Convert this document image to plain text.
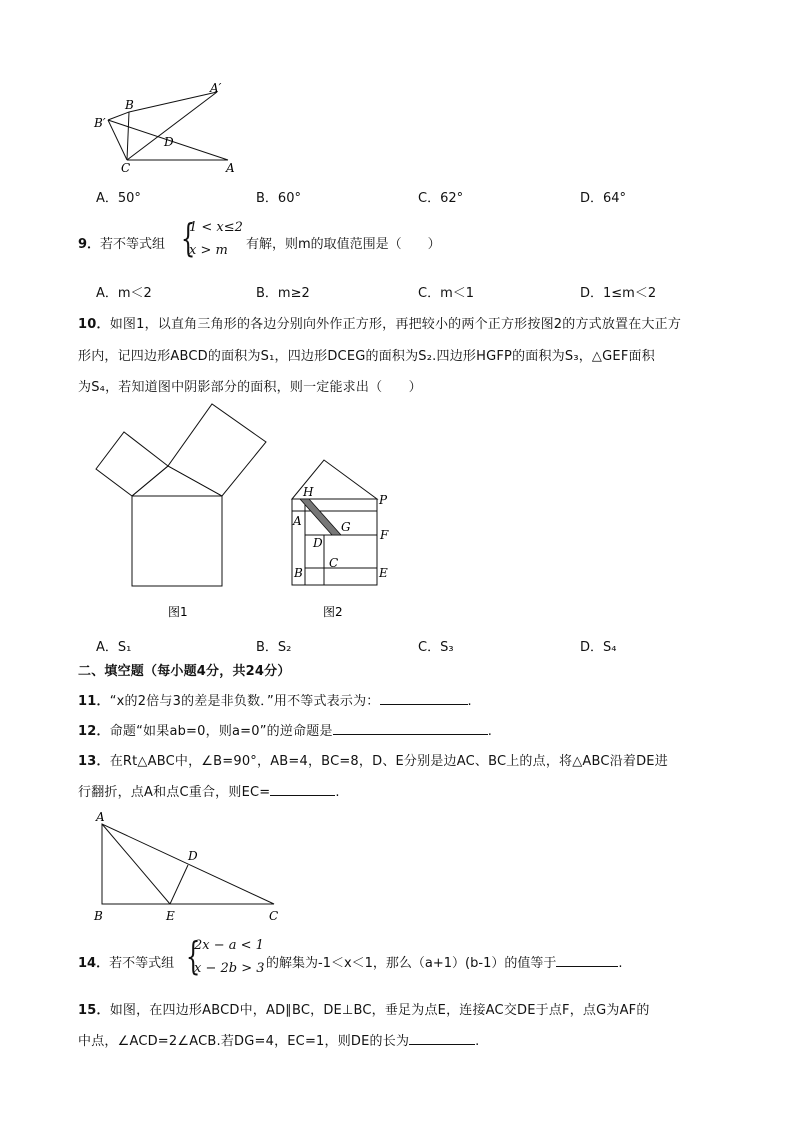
A′
B
B′
D
C	A
A．50°	B．60°	C．62°	D．64°
9．若不等式组 {
1 < x≤2
x > m 有解，则m的取值范围是（　　）
A．m＜2	B．m≥2	C．m＜1	D．1≤m＜2
10．如图1，以直角三角形的各边分别向外作正方形，再把较小的两个正方形按图2的方式放置在大正方
形内，记四边形ABCD的面积为S₁，四边形DCEG的面积为S₂.四边形HGFP的面积为S₃，△GEF面积
为S₄，若知道图中阴影部分的面积，则一定能求出（　　）
图1
H
P
A	G
F
D
C
B	E
图2
A．S₁	B．S₂	C．S₃	D．S₄
二、填空题（每小题4分，共24分）
11．“x的2倍与3的差是非负数．”用不等式表示为：	.
12．命题“如果ab=0，则a=0”的逆命题是	.
13．在Rt△ABC中，∠B=90°，AB=4，BC=8，D、E分别是边AC、BC上的点，将△ABC沿着DE进
行翻折，点A和点C重合，则EC=	.
A
D
B	E	C
14．若不等式组 {
2x − a < 1
x − 2b > 3 的解集为-1＜x＜1，那么（a+1）(b-1）的值等于	.
15．如图，在四边形ABCD中，AD∥BC，DE⊥BC，垂足为点E，连接AC交DE于点F，点G为AF的
中点，∠ACD=2∠ACB.若DG=4，EC=1，则DE的长为	.
